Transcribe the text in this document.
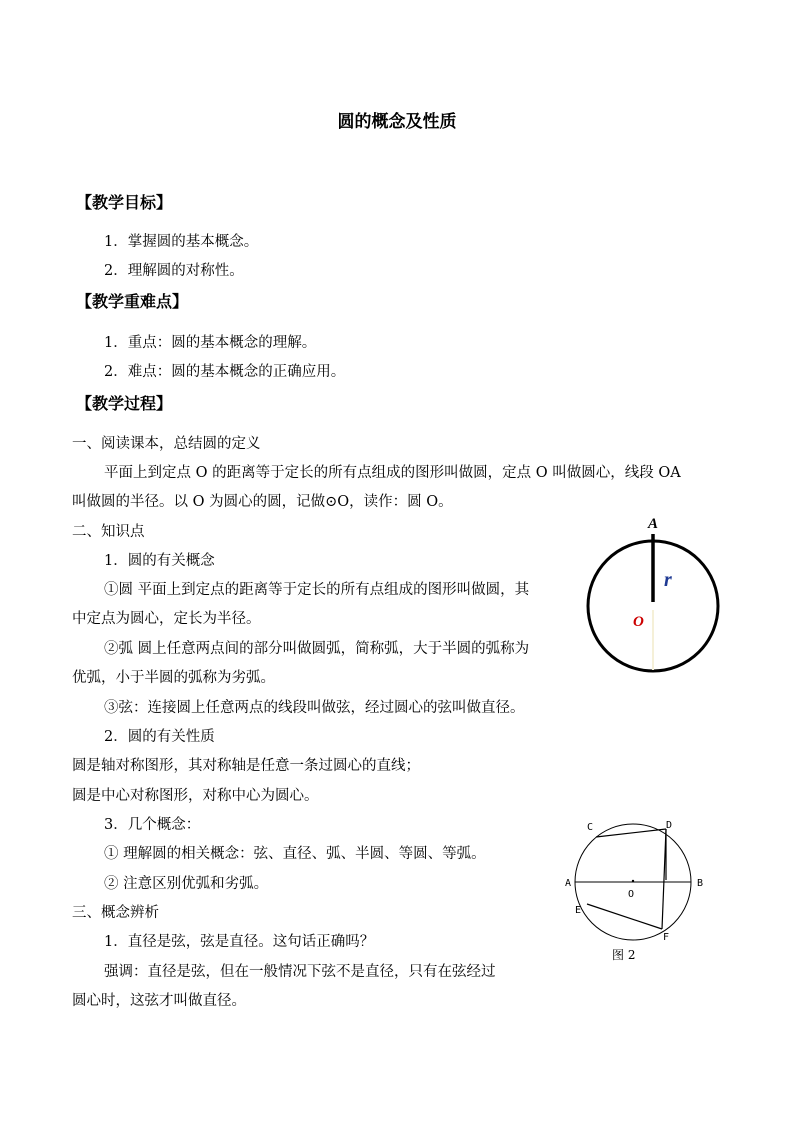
圆的概念及性质
【教学目标】
1．掌握圆的基本概念。
2．理解圆的对称性。
【教学重难点】
1．重点：圆的基本概念的理解。
2．难点：圆的基本概念的正确应用。
【教学过程】
一、阅读课本，总结圆的定义
平面上到定点 O 的距离等于定长的所有点组成的图形叫做圆，定点 O 叫做圆心，线段 OA
叫做圆的半径。以 O 为圆心的圆，记做⊙O，读作：圆 O。
二、知识点
1．圆的有关概念
①圆 平面上到定点的距离等于定长的所有点组成的图形叫做圆，其
中定点为圆心，定长为半径。
②弧 圆上任意两点间的部分叫做圆弧，简称弧，大于半圆的弧称为
优弧，小于半圆的弧称为劣弧。
③弦：连接圆上任意两点的线段叫做弦，经过圆心的弦叫做直径。
2．圆的有关性质
圆是轴对称图形，其对称轴是任意一条过圆心的直线；
圆是中心对称图形，对称中心为圆心。
3．几个概念：
① 理解圆的相关概念：弦、直径、弧、半圆、等圆、等弧。
② 注意区别优弧和劣弧。
三、概念辨析
1．直径是弦，弦是直径。这句话正确吗？
强调：直径是弦，但在一般情况下弦不是直径，只有在弦经过
圆心时，这弦才叫做直径。
A
r
O
C	D
A
O
B
E
F
图 2
